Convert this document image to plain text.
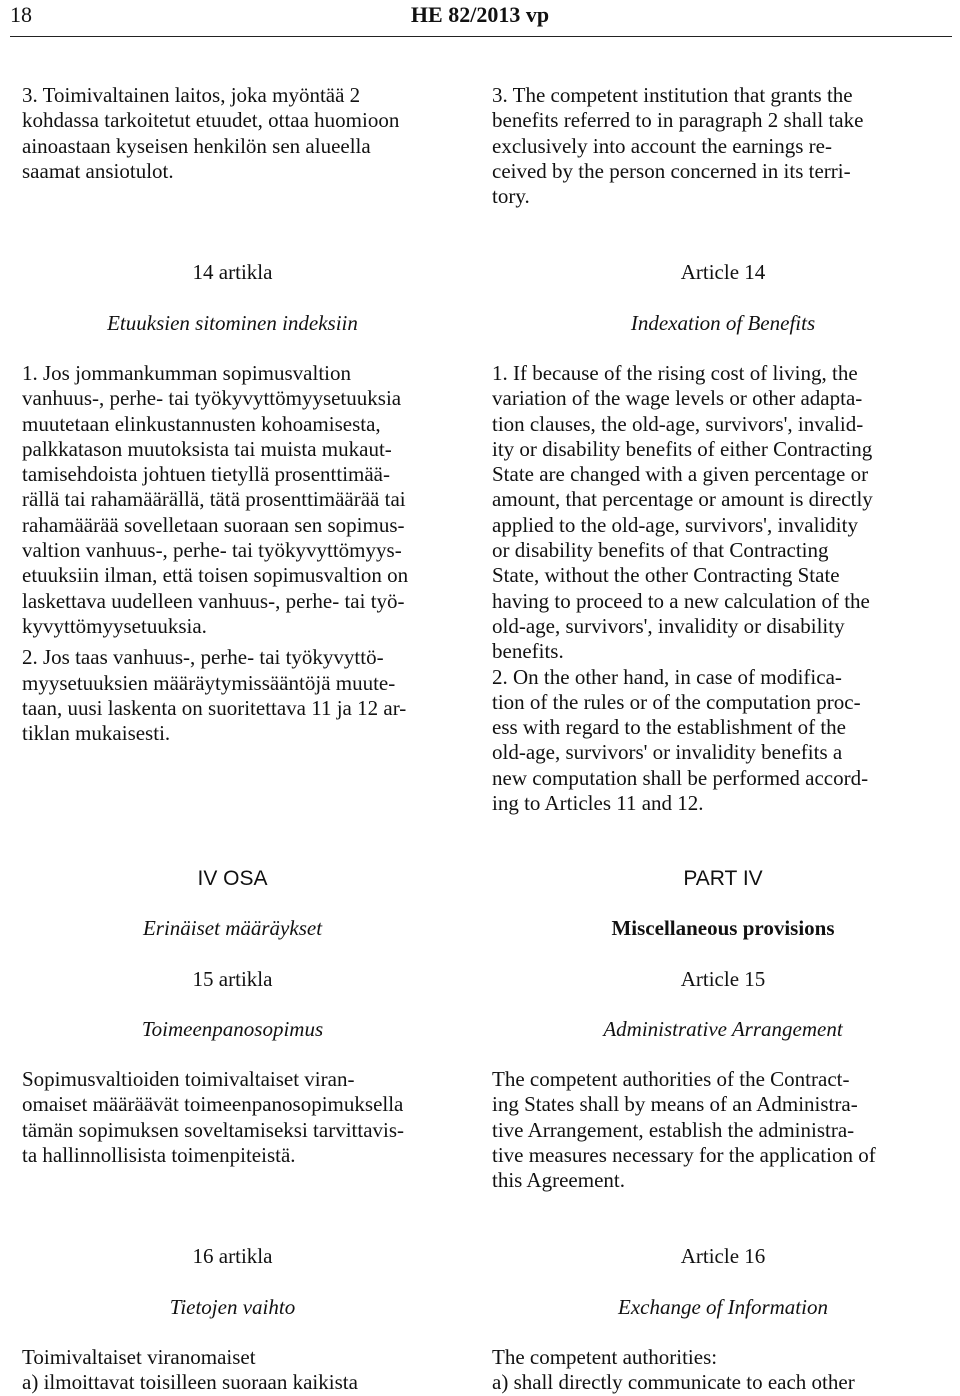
18	HE 82/2013 vp

3. Toimivaltainen laitos, joka myöntää 2
kohdassa tarkoitetut etuudet, ottaa huomioon
ainoastaan kyseisen henkilön sen alueella
saamat ansiotulot.

14 artikla
Etuuksien sitominen indeksiin

1. Jos jommankumman sopimusvaltion
vanhuus-, perhe- tai työkyvyttömyysetuuksia
muutetaan elinkustannusten kohoamisesta,
palkkatason muutoksista tai muista mukaut-
tamisehdoista johtuen tietyllä prosenttimää-
rällä tai rahamäärällä, tätä prosenttimäärää tai
rahamäärää sovelletaan suoraan sen sopimus-
valtion vanhuus-, perhe- tai työkyvyttömyys-
etuuksiin ilman, että toisen sopimusvaltion on
laskettava uudelleen vanhuus-, perhe- tai työ-
kyvyttömyysetuuksia.

2. Jos taas vanhuus-, perhe- tai työkyvyttö-
myysetuuksien määräytymissääntöjä muute-
taan, uusi laskenta on suoritettava 11 ja 12 ar-
tiklan mukaisesti.

IV OSA
Erinäiset määräykset
15 artikla
Toimeenpanosopimus

Sopimusvaltioiden toimivaltaiset viran-
omaiset määräävät toimeenpanosopimuksella
tämän sopimuksen soveltamiseksi tarvittavis-
ta hallinnollisista toimenpiteistä.

16 artikla
Tietojen vaihto

Toimivaltaiset viranomaiset
a) ilmoittavat toisilleen suoraan kaikista

3. The competent institution that grants the
benefits referred to in paragraph 2 shall take
exclusively into account the earnings re-
ceived by the person concerned in its terri-
tory.

Article 14
Indexation of Benefits

1. If because of the rising cost of living, the
variation of the wage levels or other adapta-
tion clauses, the old-age, survivors', invalid-
ity or disability benefits of either Contracting
State are changed with a given percentage or
amount, that percentage or amount is directly
applied to the old-age, survivors', invalidity
or disability benefits of that Contracting
State, without the other Contracting State
having to proceed to a new calculation of the
old-age, survivors', invalidity or disability
benefits.

2. On the other hand, in case of modifica-
tion of the rules or of the computation proc-
ess with regard to the establishment of the
old-age, survivors' or invalidity benefits a
new computation shall be performed accord-
ing to Articles 11 and 12.

PART IV
Miscellaneous provisions
Article 15
Administrative Arrangement

The competent authorities of the Contract-
ing States shall by means of an Administra-
tive Arrangement, establish the administra-
tive measures necessary for the application of
this Agreement.

Article 16
Exchange of Information

The competent authorities:
a) shall directly communicate to each other
